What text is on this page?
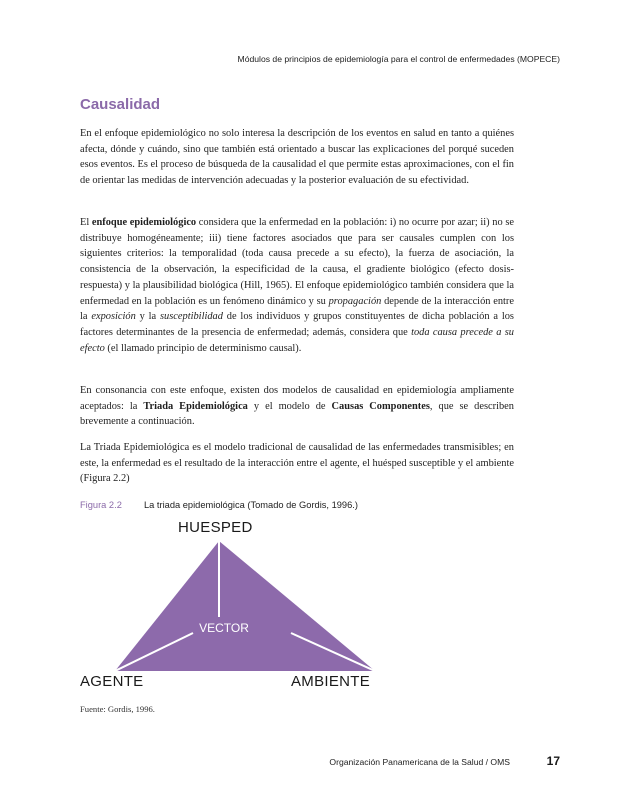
Módulos de principios de epidemiología para el control de enfermedades (MOPECE)
Causalidad

En el enfoque epidemiológico no solo interesa la descripción de los eventos en salud en tanto a quiénes afecta, dónde y cuándo, sino que también está orientado a buscar las explicaciones del porqué suceden esos eventos. Es el proceso de búsqueda de la causalidad el que permite estas aproximaciones, con el fin de orientar las medidas de intervención adecuadas y la posterior evaluación de su efectividad.

El enfoque epidemiológico considera que la enfermedad en la población: i) no ocurre por azar; ii) no se distribuye homogéneamente; iii) tiene factores asociados que para ser causales cumplen con los siguientes criterios: la temporalidad (toda causa precede a su efecto), la fuerza de asociación, la consistencia de la observación, la especificidad de la causa, el gradiente biológico (efecto dosis-respuesta) y la plausibilidad biológica (Hill, 1965). El enfoque epidemiológico también considera que la enfermedad en la población es un fenómeno dinámico y su propagación depende de la interacción entre la exposición y la susceptibilidad de los individuos y grupos constituyentes de dicha población a los factores determinantes de la presencia de enfermedad; además, considera que toda causa precede a su efecto (el llamado principio de determinismo causal).

En consonancia con este enfoque, existen dos modelos de causalidad en epidemiología ampliamente aceptados: la Triada Epidemiológica y el modelo de Causas Componentes, que se describen brevemente a continuación.

La Triada Epidemiológica es el modelo tradicional de causalidad de las enfermedades transmisibles; en este, la enfermedad es el resultado de la interacción entre el agente, el huésped susceptible y el ambiente (Figura 2.2)

Figura 2.2 La triada epidemiológica (Tomado de Gordis, 1996.)
HUESPED
VECTOR
AGENTE	AMBIENTE
Fuente: Gordis, 1996.
Organización Panamericana de la Salud / OMS	17
